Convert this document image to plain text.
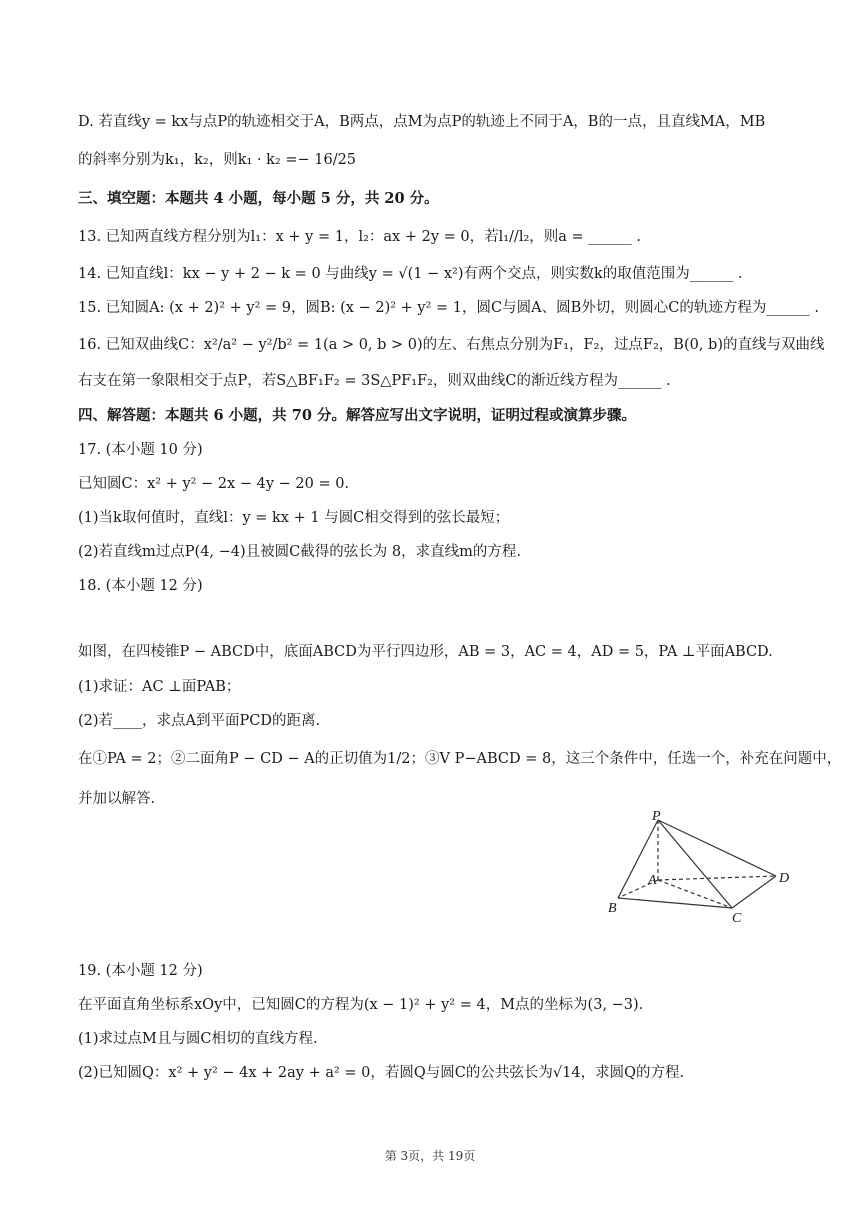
D. 若直线y = kx与点P的轨迹相交于A，B两点，点M为点P的轨迹上不同于A，B的一点，且直线MA，MB
的斜率分别为k₁，k₂，则k₁ · k₂ =− 16/25
三、填空题：本题共 4 小题，每小题 5 分，共 20 分。
13. 已知两直线方程分别为l₁：x + y = 1，l₂：ax + 2y = 0，若l₁//l₂，则a = ______ .
14. 已知直线l：kx − y + 2 − k = 0 与曲线y = √(1 − x²)有两个交点，则实数k的取值范围为______ .
15. 已知圆A: (x + 2)² + y² = 9，圆B: (x − 2)² + y² = 1，圆C与圆A、圆B外切，则圆心C的轨迹方程为______ .
16. 已知双曲线C：x²/a² − y²/b² = 1(a > 0, b > 0)的左、右焦点分别为F₁，F₂，过点F₂，B(0, b)的直线与双曲线
右支在第一象限相交于点P，若S△BF₁F₂ = 3S△PF₁F₂，则双曲线C的渐近线方程为______ .
四、解答题：本题共 6 小题，共 70 分。解答应写出文字说明，证明过程或演算步骤。
17. (本小题 10 分)
已知圆C：x² + y² − 2x − 4y − 20 = 0.
(1)当k取何值时，直线l：y = kx + 1 与圆C相交得到的弦长最短；
(2)若直线m过点P(4, −4)且被圆C截得的弦长为 8，求直线m的方程.
18. (本小题 12 分)
如图，在四棱锥P − ABCD中，底面ABCD为平行四边形，AB = 3，AC = 4，AD = 5，PA ⊥平面ABCD.
(1)求证：AC ⊥面PAB；
(2)若____，求点A到平面PCD的距离.
在①PA = 2；②二面角P − CD − A的正切值为1/2；③V P−ABCD = 8，这三个条件中，任选一个，补充在问题中，
并加以解答.
P
A
B
C
D
19. (本小题 12 分)
在平面直角坐标系xOy中，已知圆C的方程为(x − 1)² + y² = 4，M点的坐标为(3, −3).
(1)求过点M且与圆C相切的直线方程.
(2)已知圆Q：x² + y² − 4x + 2ay + a² = 0，若圆Q与圆C的公共弦长为√14，求圆Q的方程.
第 3页，共 19页
